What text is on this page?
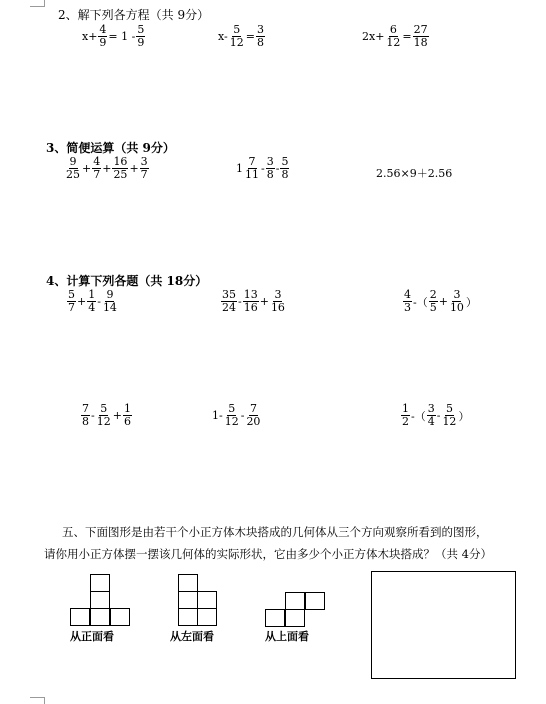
2、解下列各方程（共 9分）
$x+ \frac{4}{9} = 1 - \frac{5}{9}$	$x- \frac{5}{12} = \frac{3}{8}$	$2x+ \frac{6}{12} = \frac{27}{18}$
3、简便运算（共 9分）
$\frac{9}{25} + \frac{4}{7} + \frac{16}{25} + \frac{3}{7}$	$1 \frac{7}{11} - \frac{3}{8} - \frac{5}{8}$	2.56×9＋2.56
4、计算下列各题（共 18分）
$\frac{5}{7} + \frac{1}{4} - \frac{9}{14}$	$\frac{35}{24} - \frac{13}{16} + \frac{3}{16}$	$\frac{4}{3}$ -（ $\frac{2}{5} + \frac{3}{10}$ ）
$\frac{7}{8} - \frac{5}{12} + \frac{1}{6}$	$1- \frac{5}{12} - \frac{7}{20}$	$\frac{1}{2}$ -（ $\frac{3}{4} - \frac{5}{12}$ ）
五、下面图形是由若干个小正方体木块搭成的几何体从三个方向观察所看到的图形，
请你用小正方体摆一摆该几何体的实际形状，它由多少个小正方体木块搭成？（共 4分）
从正面看	从左面看	从上面看
